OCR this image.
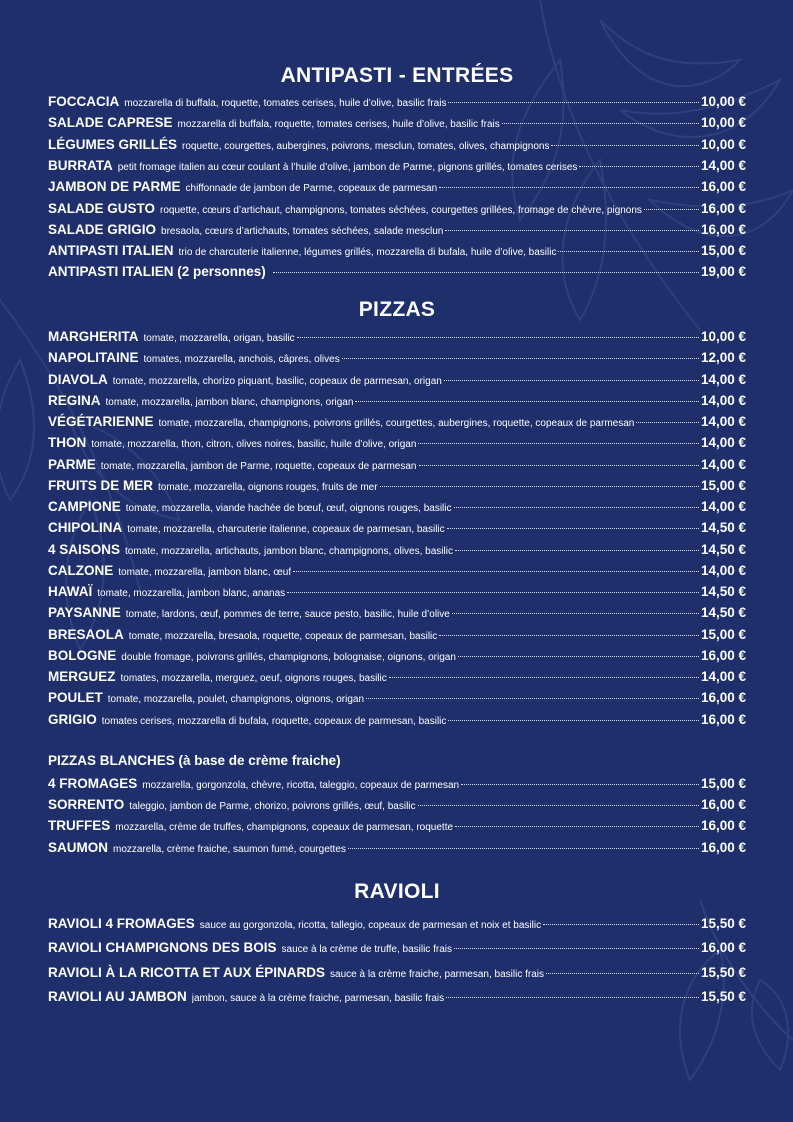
ANTIPASTI - ENTRÉES
FOCCACIA mozzarella di buffala, roquette, tomates cerises, huile d’olive, basilic frais	10,00 €
SALADE CAPRESE mozzarella di buffala, roquette, tomates cerises, huile d’olive, basilic frais	10,00 €
LÉGUMES GRILLÉS roquette, courgettes, aubergines, poivrons, mesclun, tomates, olives, champignons	10,00 €
BURRATA petit fromage italien au cœur coulant à l’huile d’olive, jambon de Parme, pignons grillés, tomates cerises	14,00 €
JAMBON DE PARME chiffonnade de jambon de Parme, copeaux de parmesan	16,00 €
SALADE GUSTO roquette, cœurs d’artichaut, champignons, tomates séchées, courgettes grillées, fromage de chèvre, pignons	16,00 €
SALADE GRIGIO bresaola, cœurs d’artichauts, tomates séchées, salade mesclun	16,00 €
ANTIPASTI ITALIEN trio de charcuterie italienne, légumes grillés, mozzarella di bufala, huile d’olive, basilic	15,00 €
ANTIPASTI ITALIEN (2 personnes)	19,00 €
PIZZAS
MARGHERITA tomate, mozzarella, origan, basilic	10,00 €
NAPOLITAINE tomates, mozzarella, anchois, câpres, olives	12,00 €
DIAVOLA tomate, mozzarella, chorizo piquant, basilic, copeaux de parmesan, origan	14,00 €
REGINA tomate, mozzarella, jambon blanc, champignons, origan	14,00 €
VÉGÉTARIENNE tomate, mozzarella, champignons, poivrons grillés, courgettes, aubergines, roquette, copeaux de parmesan	14,00 €
THON tomate, mozzarella, thon, citron, olives noires, basilic, huile d’olive, origan	14,00 €
PARME tomate, mozzarella, jambon de Parme, roquette, copeaux de parmesan	14,00 €
FRUITS DE MER tomate, mozzarella, oignons rouges, fruits de mer	15,00 €
CAMPIONE tomate, mozzarella, viande hachée de bœuf, œuf, oignons rouges, basilic	14,00 €
CHIPOLINA tomate, mozzarella, charcuterie italienne, copeaux de parmesan, basilic	14,50 €
4 SAISONS tomate, mozzarella, artichauts, jambon blanc, champignons, olives, basilic	14,50 €
CALZONE tomate, mozzarella, jambon blanc, œuf	14,00 €
HAWAÏ tomate, mozzarella, jambon blanc, ananas	14,50 €
PAYSANNE tomate, lardons, œuf, pommes de terre, sauce pesto, basilic, huile d’olive	14,50 €
BRESAOLA tomate, mozzarella, bresaola, roquette, copeaux de parmesan, basilic	15,00 €
BOLOGNE double fromage, poivrons grillés, champignons, bolognaise, oignons, origan	16,00 €
MERGUEZ tomates, mozzarella, merguez, oeuf, oignons rouges, basilic	14,00 €
POULET tomate, mozzarella, poulet, champignons, oignons, origan	16,00 €
GRIGIO tomates cerises, mozzarella di bufala, roquette, copeaux de parmesan, basilic	16,00 €
PIZZAS BLANCHES (à base de crème fraiche)
4 FROMAGES mozzarella, gorgonzola, chèvre, ricotta, taleggio, copeaux de parmesan	15,00 €
SORRENTO taleggio, jambon de Parme, chorizo, poivrons grillés, œuf, basilic	16,00 €
TRUFFES mozzarella, crème de truffes, champignons, copeaux de parmesan, roquette	16,00 €
SAUMON mozzarella, crème fraiche, saumon fumé, courgettes	16,00 €
RAVIOLI
RAVIOLI 4 FROMAGES sauce au gorgonzola, ricotta, tallegio, copeaux de parmesan et noix et basilic	15,50 €
RAVIOLI CHAMPIGNONS DES BOIS sauce à la crème de truffe, basilic frais	16,00 €
RAVIOLI À LA RICOTTA ET AUX ÉPINARDS sauce à la crème fraiche, parmesan, basilic frais	15,50 €
RAVIOLI AU JAMBON jambon, sauce à la crème fraiche, parmesan, basilic frais	15,50 €
